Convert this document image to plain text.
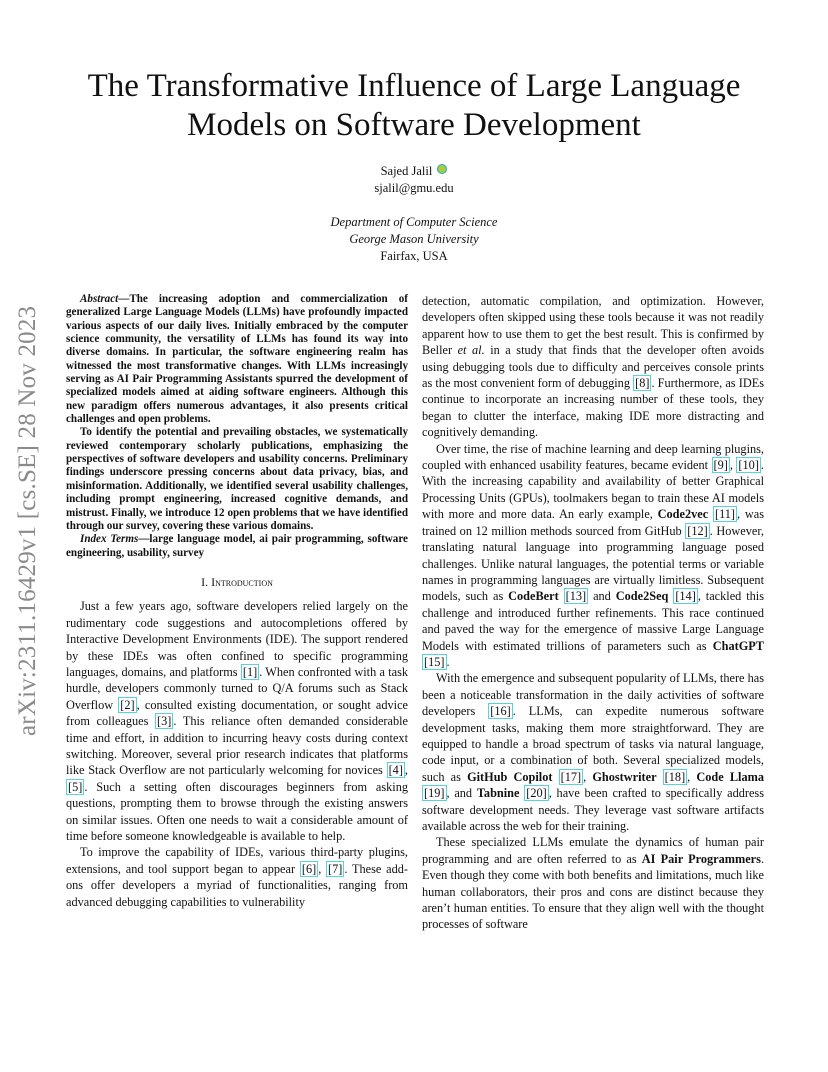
arXiv:2311.16429v1 [cs.SE] 28 Nov 2023
The Transformative Influence of Large Language Models on Software Development
Sajed Jalil
sjalil@gmu.edu
Department of Computer Science
George Mason University
Fairfax, USA

Abstract—The increasing adoption and commercialization of generalized Large Language Models (LLMs) have profoundly impacted various aspects of our daily lives. Initially embraced by the computer science community, the versatility of LLMs has found its way into diverse domains. In particular, the software engineering realm has witnessed the most transformative changes. With LLMs increasingly serving as AI Pair Programming Assistants spurred the development of specialized models aimed at aiding software engineers. Although this new paradigm offers numerous advantages, it also presents critical challenges and open problems.

To identify the potential and prevailing obstacles, we systematically reviewed contemporary scholarly publications, emphasizing the perspectives of software developers and usability concerns. Preliminary findings underscore pressing concerns about data privacy, bias, and misinformation. Additionally, we identified several usability challenges, including prompt engineering, increased cognitive demands, and mistrust. Finally, we introduce 12 open problems that we have identified through our survey, covering these various domains.

Index Terms—large language model, ai pair programming, software engineering, usability, survey

I. Introduction

Just a few years ago, software developers relied largely on the rudimentary code suggestions and autocompletions offered by Interactive Development Environments (IDE). The support rendered by these IDEs was often confined to specific programming languages, domains, and platforms [1] . When confronted with a task hurdle, developers commonly turned to Q/A forums such as Stack Overflow [2] , consulted existing documentation, or sought advice from colleagues [3] . This reliance often demanded considerable time and effort, in addition to incurring heavy costs during context switching. Moreover, several prior research indicates that platforms like Stack Overflow are not particularly welcoming for novices [4] , [5] . Such a setting often discourages beginners from asking questions, prompting them to browse through the existing answers on similar issues. Often one needs to wait a considerable amount of time before someone knowledgeable is available to help.

To improve the capability of IDEs, various third-party plugins, extensions, and tool support began to appear [6] , [7] . These add-ons offer developers a myriad of functionalities, ranging from advanced debugging capabilities to vulnerability

detection, automatic compilation, and optimization. However, developers often skipped using these tools because it was not readily apparent how to use them to get the best result. This is confirmed by Beller et al. in a study that finds that the developer often avoids using debugging tools due to difficulty and perceives console prints as the most convenient form of debugging [8] . Furthermore, as IDEs continue to incorporate an increasing number of these tools, they began to clutter the interface, making IDE more distracting and cognitively demanding.

Over time, the rise of machine learning and deep learning plugins, coupled with enhanced usability features, became evident [9] , [10] . With the increasing capability and availability of better Graphical Processing Units (GPUs), toolmakers began to train these AI models with more and more data. An early example, Code2vec [11] , was trained on 12 million methods sourced from GitHub [12] . However, translating natural language into programming language posed challenges. Unlike natural languages, the potential terms or variable names in programming languages are virtually limitless. Subsequent models, such as CodeBert [13] and Code2Seq [14] , tackled this challenge and introduced further refinements. This race continued and paved the way for the emergence of massive Large Language Models with estimated trillions of parameters such as ChatGPT [15] .

With the emergence and subsequent popularity of LLMs, there has been a noticeable transformation in the daily activities of software developers [16] . LLMs, can expedite numerous software development tasks, making them more straightforward. They are equipped to handle a broad spectrum of tasks via natural language, code input, or a combination of both. Several specialized models, such as GitHub Copilot [17] , Ghostwriter [18] , Code Llama [19] , and Tabnine [20] , have been crafted to specifically address software development needs. They leverage vast software artifacts available across the web for their training.

These specialized LLMs emulate the dynamics of human pair programming and are often referred to as AI Pair Programmers. Even though they come with both benefits and limitations, much like human collaborators, their pros and cons are distinct because they aren’t human entities. To ensure that they align well with the thought processes of software
